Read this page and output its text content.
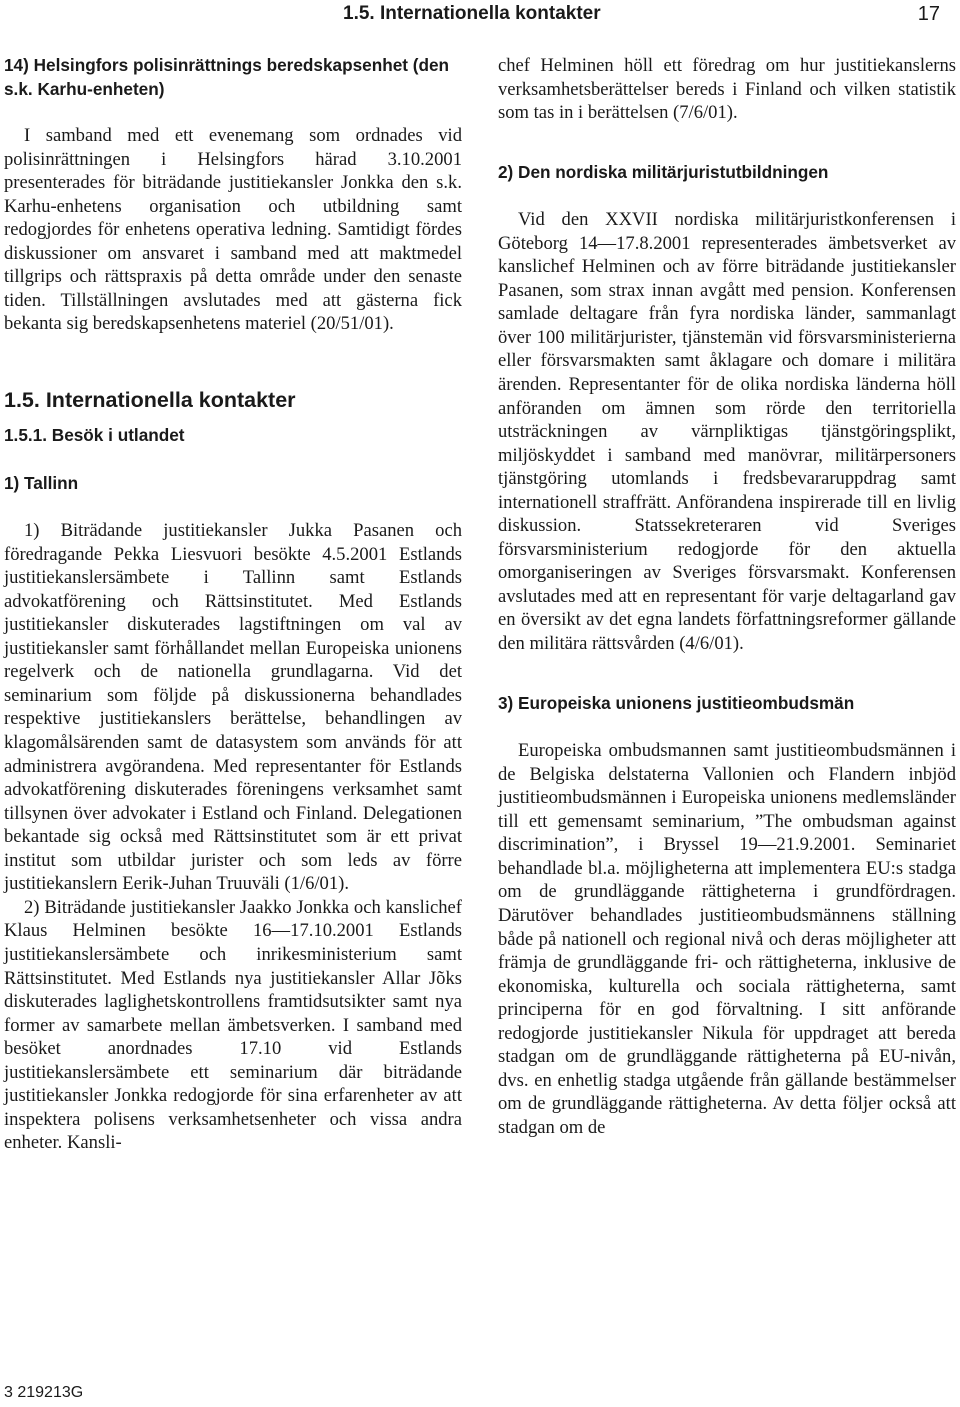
1.5. Internationella kontakter	17

14) Helsingfors polisinrättnings beredskapsenhet (den s.k. Karhu-enheten)

I samband med ett evenemang som ordnades vid polisinrättningen i Helsingfors härad 3.10.2001 presenterades för biträdande justitiekansler Jonkka den s.k. Karhu-enhetens organisation och utbildning samt redogjordes för enhetens operativa ledning. Samtidigt fördes diskussioner om ansvaret i samband med att maktmedel tillgrips och rättspraxis på detta område under den senaste tiden. Tillställningen avslutades med att gästerna fick bekanta sig beredskapsenhetens materiel (20/51/01).

1.5. Internationella kontakter

1.5.1. Besök i utlandet

1) Tallinn

1) Biträdande justitiekansler Jukka Pasanen och föredragande Pekka Liesvuori besökte 4.5.2001 Estlands justitiekanslersämbete i Tallinn samt Estlands advokatförening och Rättsinstitutet. Med Estlands justitiekansler diskuterades lagstiftningen om val av justitiekansler samt förhållandet mellan Europeiska unionens regelverk och de nationella grundlagarna. Vid det seminarium som följde på diskussionerna behandlades respektive justitiekanslers berättelse, behandlingen av klagomålsärenden samt de datasystem som används för att administrera avgörandena. Med representanter för Estlands advokatförening diskuterades föreningens verksamhet samt tillsynen över advokater i Estland och Finland. Delegationen bekantade sig också med Rättsinstitutet som är ett privat institut som utbildar jurister och som leds av förre justitiekanslern Eerik-Juhan Truuväli (1/6/01).

2) Biträdande justitiekansler Jaakko Jonkka och kanslichef Klaus Helminen besökte 16—17.10.2001 Estlands justitiekanslersämbete och inrikesministerium samt Rättsinstitutet. Med Estlands nya justitiekansler Allar Jõks diskuterades laglighetskontrollens framtidsutsikter samt nya former av samarbete mellan ämbetsverken. I samband med besöket anordnades 17.10 vid Estlands justitiekanslersämbete ett seminarium där biträdande justitiekansler Jonkka redogjorde för sina erfarenheter av att inspektera polisens verksamhetsenheter och vissa andra enheter. Kansli-

chef Helminen höll ett föredrag om hur justitiekanslerns verksamhetsberättelser bereds i Finland och vilken statistik som tas in i berättelsen (7/6/01).

2) Den nordiska militärjuristutbildningen

Vid den XXVII nordiska militärjuristkonferensen i Göteborg 14—17.8.2001 representerades ämbetsverket av kanslichef Helminen och av förre biträdande justitiekansler Pasanen, som strax innan avgått med pension. Konferensen samlade deltagare från fyra nordiska länder, sammanlagt över 100 militärjurister, tjänstemän vid försvarsministerierna eller försvarsmakten samt åklagare och domare i militära ärenden. Representanter för de olika nordiska länderna höll anföranden om ämnen som rörde den territoriella utsträckningen av värnpliktigas tjänstgöringsplikt, miljöskyddet i samband med manövrar, militärpersoners tjänstgöring utomlands i fredsbevararuppdrag samt internationell straffrätt. Anförandena inspirerade till en livlig diskussion. Statssekreteraren vid Sveriges försvarsministerium redogjorde för den aktuella omorganiseringen av Sveriges försvarsmakt. Konferensen avslutades med att en representant för varje deltagarland gav en översikt av det egna landets författningsreformer gällande den militära rättsvården (4/6/01).

3) Europeiska unionens justitieombudsmän

Europeiska ombudsmannen samt justitieombudsmännen i de Belgiska delstaterna Vallonien och Flandern inbjöd justitieombudsmännen i Europeiska unionens medlemsländer till ett gemensamt seminarium, ”The ombudsman against discrimination”, i Bryssel 19—21.9.2001. Seminariet behandlade bl.a. möjligheterna att implementera EU:s stadga om de grundläggande rättigheterna i grundfördragen. Därutöver behandlades justitieombudsmännens ställning både på nationell och regional nivå och deras möjligheter att främja de grundläggande fri- och rättigheterna, inklusive de ekonomiska, kulturella och sociala rättigheterna, samt principerna för en god förvaltning. I sitt anförande redogjorde justitiekansler Nikula för uppdraget att bereda stadgan om de grundläggande rättigheterna på EU-nivån, dvs. en enhetlig stadga utgående från gällande bestämmelser om de grundläggande rättigheterna. Av detta följer också att stadgan om de

3 219213G
